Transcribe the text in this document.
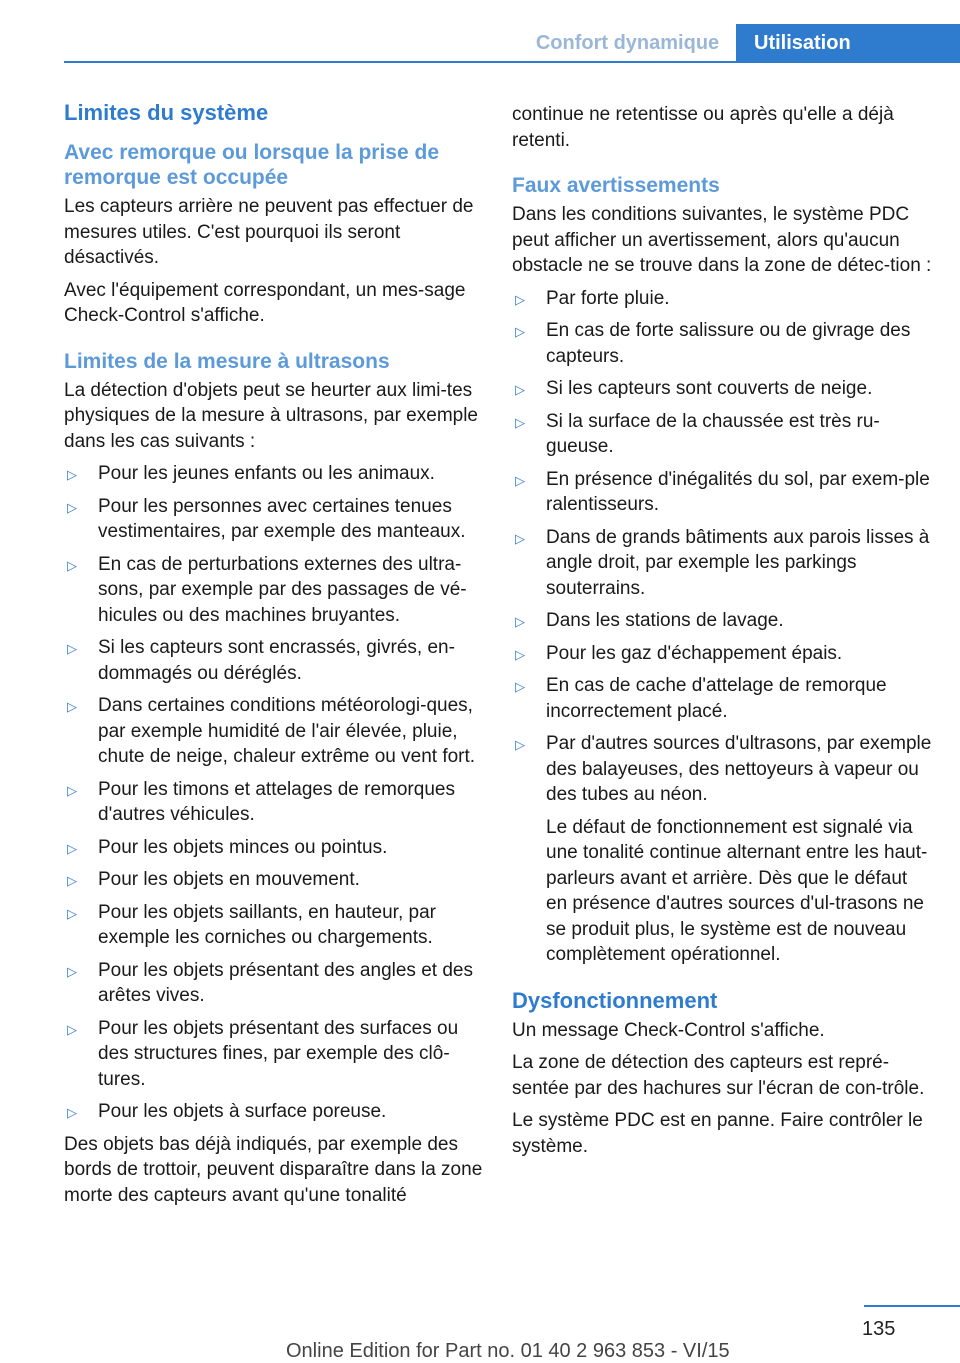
Confort dynamique	Utilisation
Limites du système
Avec remorque ou lorsque la prise de remorque est occupée

Les capteurs arrière ne peuvent pas effectuer de mesures utiles. C'est pourquoi ils seront désactivés.

Avec l'équipement correspondant, un mes-sage Check-Control s'affiche.

Limites de la mesure à ultrasons

La détection d'objets peut se heurter aux limi-tes physiques de la mesure à ultrasons, par exemple dans les cas suivants :

▷ Pour les jeunes enfants ou les animaux.
▷ Pour les personnes avec certaines tenues vestimentaires, par exemple des manteaux.
▷ En cas de perturbations externes des ultra-sons, par exemple par des passages de vé-hicules ou des machines bruyantes.
▷ Si les capteurs sont encrassés, givrés, en-dommagés ou déréglés.
▷ Dans certaines conditions météorologi-ques, par exemple humidité de l'air élevée, pluie, chute de neige, chaleur extrême ou vent fort.
▷ Pour les timons et attelages de remorques d'autres véhicules.
▷ Pour les objets minces ou pointus.
▷ Pour les objets en mouvement.
▷ Pour les objets saillants, en hauteur, par exemple les corniches ou chargements.
▷ Pour les objets présentant des angles et des arêtes vives.
▷ Pour les objets présentant des surfaces ou des structures fines, par exemple des clô-tures.
▷ Pour les objets à surface poreuse.

Des objets bas déjà indiqués, par exemple des bords de trottoir, peuvent disparaître dans la zone morte des capteurs avant qu'une tonalité

continue ne retentisse ou après qu'elle a déjà retenti.

Faux avertissements

Dans les conditions suivantes, le système PDC peut afficher un avertissement, alors qu'aucun obstacle ne se trouve dans la zone de détec-tion :

▷ Par forte pluie.
▷ En cas de forte salissure ou de givrage des capteurs.
▷ Si les capteurs sont couverts de neige.
▷ Si la surface de la chaussée est très ru-gueuse.
▷ En présence d'inégalités du sol, par exem-ple ralentisseurs.
▷ Dans de grands bâtiments aux parois lisses à angle droit, par exemple les parkings souterrains.
▷ Dans les stations de lavage.
▷ Pour les gaz d'échappement épais.
▷ En cas de cache d'attelage de remorque incorrectement placé.
▷ Par d'autres sources d'ultrasons, par exemple des balayeuses, des nettoyeurs à vapeur ou des tubes au néon.

Le défaut de fonctionnement est signalé via une tonalité continue alternant entre les haut-parleurs avant et arrière. Dès que le défaut en présence d'autres sources d'ul-trasons ne se produit plus, le système est de nouveau complètement opérationnel.

Dysfonctionnement

Un message Check-Control s'affiche.

La zone de détection des capteurs est repré-sentée par des hachures sur l'écran de con-trôle.

Le système PDC est en panne. Faire contrôler le système.

135
Online Edition for Part no. 01 40 2 963 853 - VI/15
